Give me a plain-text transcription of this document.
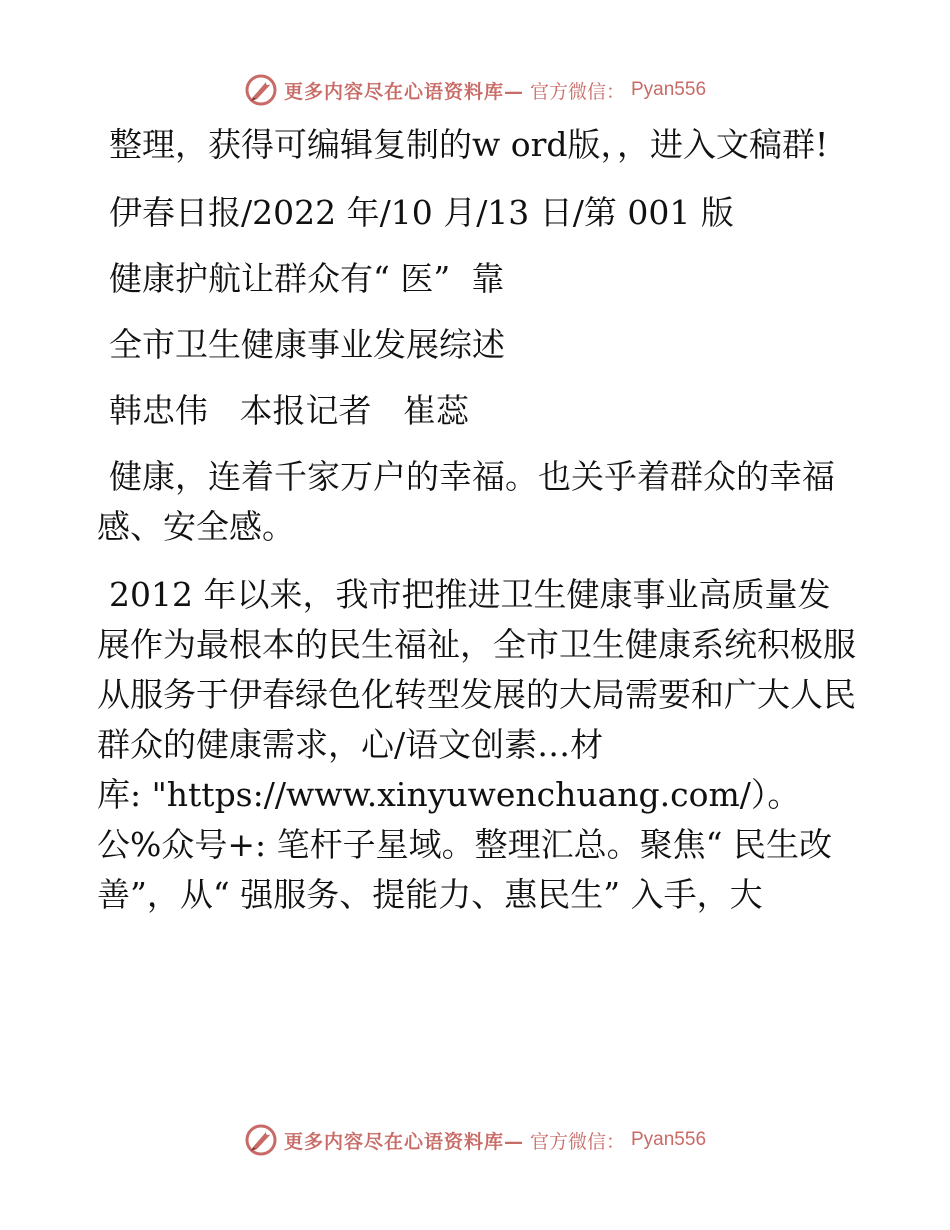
更多内容尽在心语资料库— 官方微信： Pyan556

整理，获得可编辑复制的w ord版，，进入文稿群!

伊春日报/2022 年/10 月/13 日/第 001 版

健康护航让群众有“ 医”  靠

全市卫生健康事业发展综述

韩忠伟   本报记者   崔蕊

健康，连着千家万户的幸福。也关乎着群众的幸福感、安全感。

2012 年以来，我市把推进卫生健康事业高质量发展作为最根本的民生福祉，全市卫生健康系统积极服从服务于伊春绿色化转型发展的大局需要和广大人民群众的健康需求，心/语文创素…材

库: "https://www.xinyuwenchuang.com/）。公%众号+: 笔杆子星域。整理汇总。聚焦“ 民生改善”，从“ 强服务、提能力、惠民生” 入手，大

更多内容尽在心语资料库— 官方微信： Pyan556
